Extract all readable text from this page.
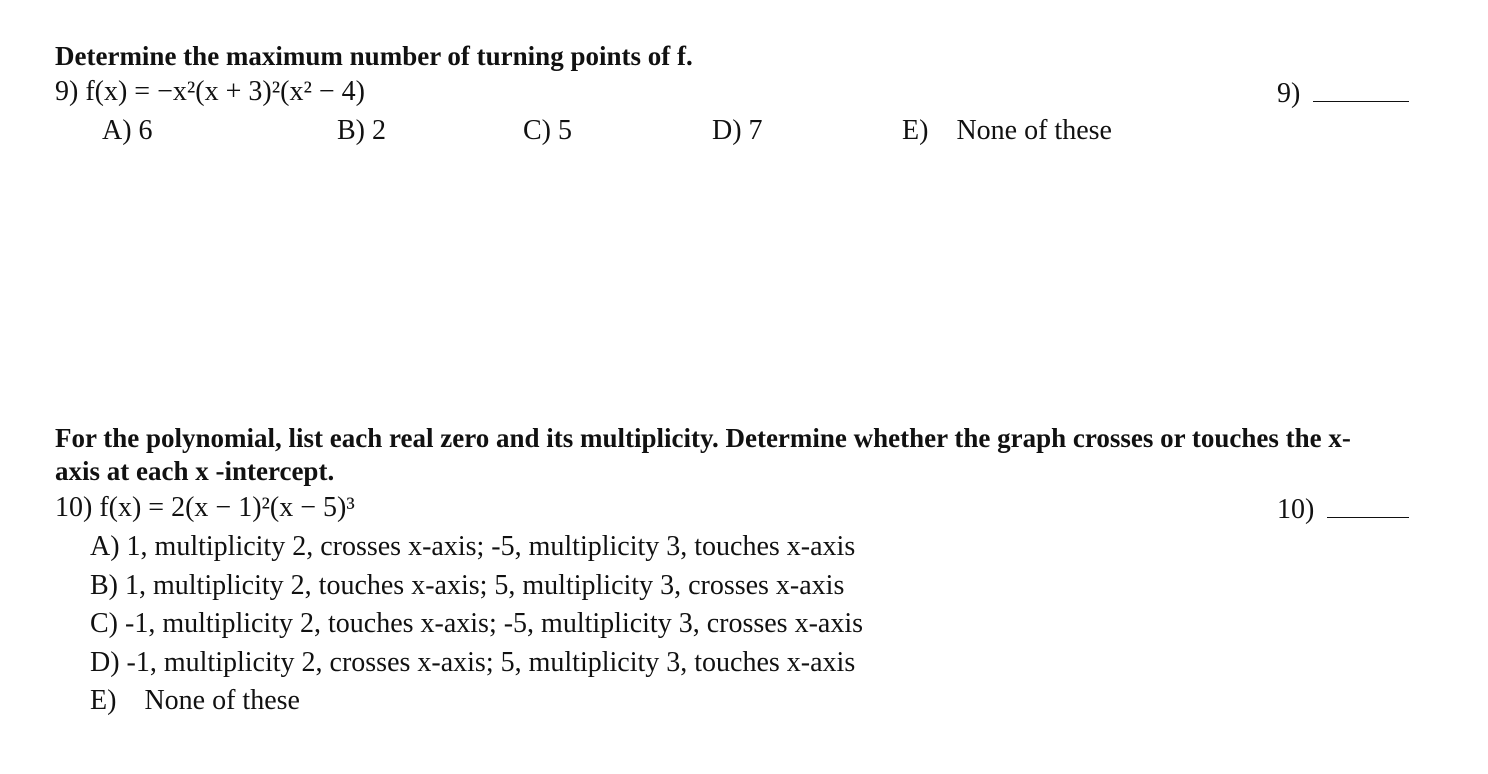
Determine the maximum number of turning points of f.
9) f(x) = −x²(x + 3)²(x² − 4)	9)
A) 6	B) 2	C) 5	D) 7	E) None of these
For the polynomial, list each real zero and its multiplicity. Determine whether the graph crosses or touches the x-
axis at each x -intercept.
10) f(x) = 2(x − 1)²(x − 5)³	10)
A) 1, multiplicity 2, crosses x-axis; -5, multiplicity 3, touches x-axis
B) 1, multiplicity 2, touches x-axis; 5, multiplicity 3, crosses x-axis
C) -1, multiplicity 2, touches x-axis; -5, multiplicity 3, crosses x-axis
D) -1, multiplicity 2, crosses x-axis; 5, multiplicity 3, touches x-axis
E) None of these
